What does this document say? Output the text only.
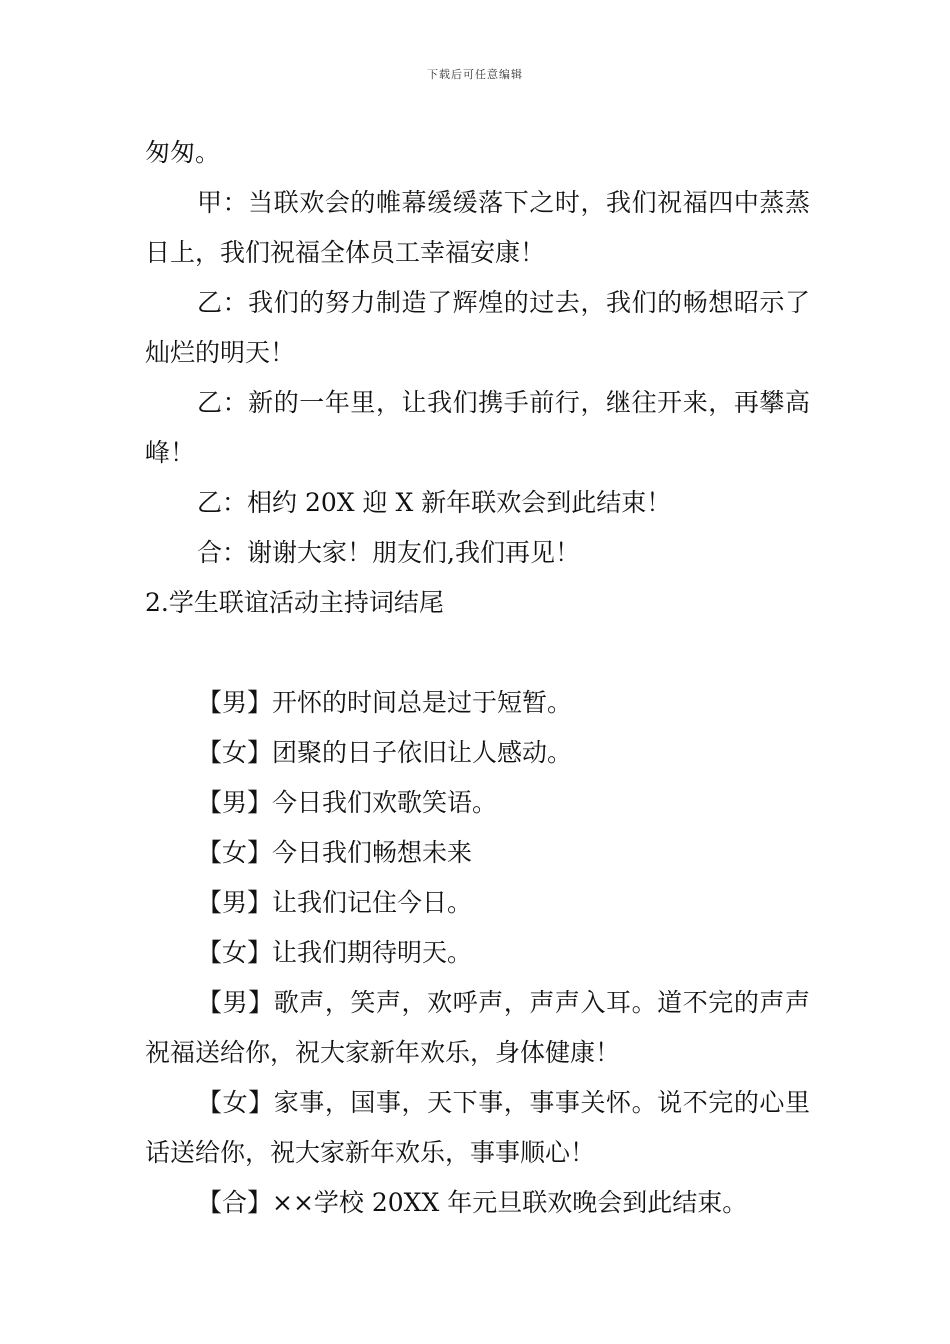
下载后可任意编辑

匆匆。

甲：当联欢会的帷幕缓缓落下之时，我们祝福四中蒸蒸日上，我们祝福全体员工幸福安康！

乙：我们的努力制造了辉煌的过去，我们的畅想昭示了灿烂的明天！

乙：新的一年里，让我们携手前行，继往开来，再攀高峰！

乙：相约 20X 迎 X 新年联欢会到此结束！

合：谢谢大家！朋友们,我们再见！

2.学生联谊活动主持词结尾

【男】开怀的时间总是过于短暂。

【女】团聚的日子依旧让人感动。

【男】今日我们欢歌笑语。

【女】今日我们畅想未来

【男】让我们记住今日。

【女】让我们期待明天。

【男】歌声，笑声，欢呼声，声声入耳。道不完的声声祝福送给你，祝大家新年欢乐，身体健康！

【女】家事，国事，天下事，事事关怀。说不完的心里话送给你，祝大家新年欢乐，事事顺心！

【合】××学校 20XX 年元旦联欢晚会到此结束。
